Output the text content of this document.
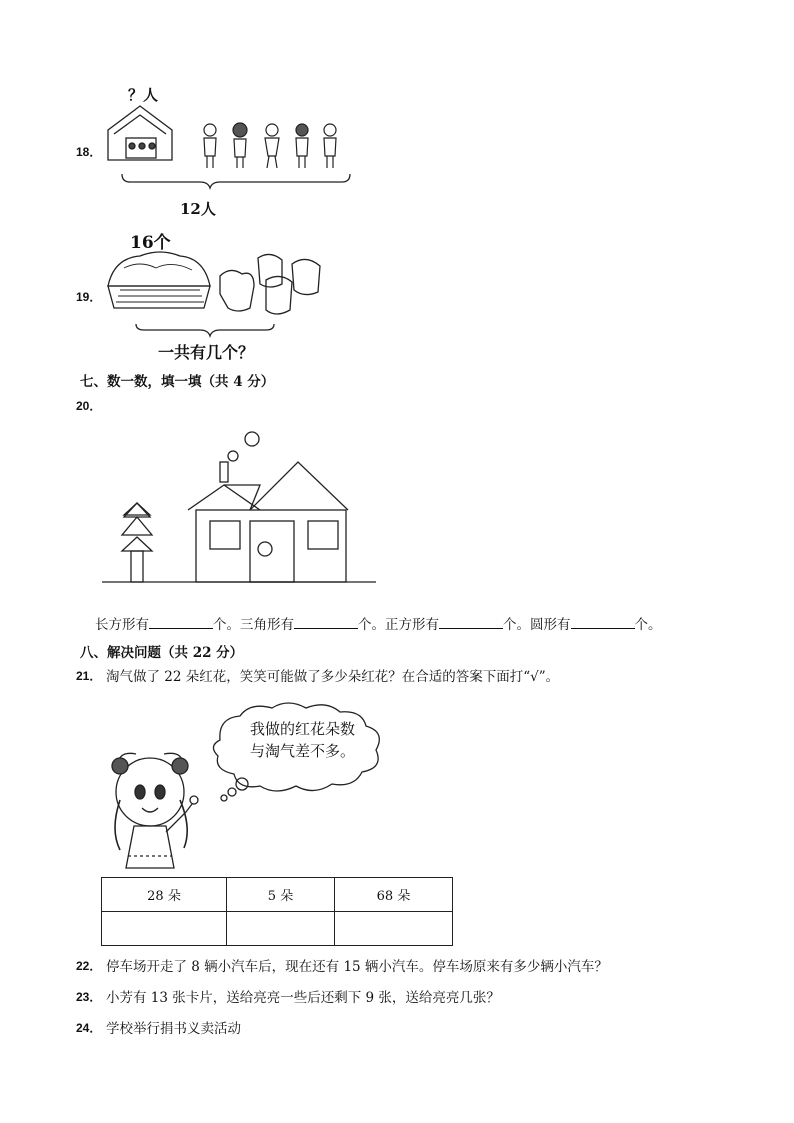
18．
？人
12人
19．
16个
一共有几个？
七、数一数，填一填（共 4 分）
20．
长方形有	个。三角形有	个。正方形有	个。圆形有	个。
八、解决问题（共 22 分）
21． 淘气做了 22 朵红花，笑笑可能做了多少朵红花？在合适的答案下面打“√”。
我做的红花朵数
与淘气差不多。
28 朵	5 朵	68 朵

22． 停车场开走了 8 辆小汽车后，现在还有 15 辆小汽车。停车场原来有多少辆小汽车？
23． 小芳有 13 张卡片，送给亮亮一些后还剩下 9 张，送给亮亮几张？
24． 学校举行捐书义卖活动
